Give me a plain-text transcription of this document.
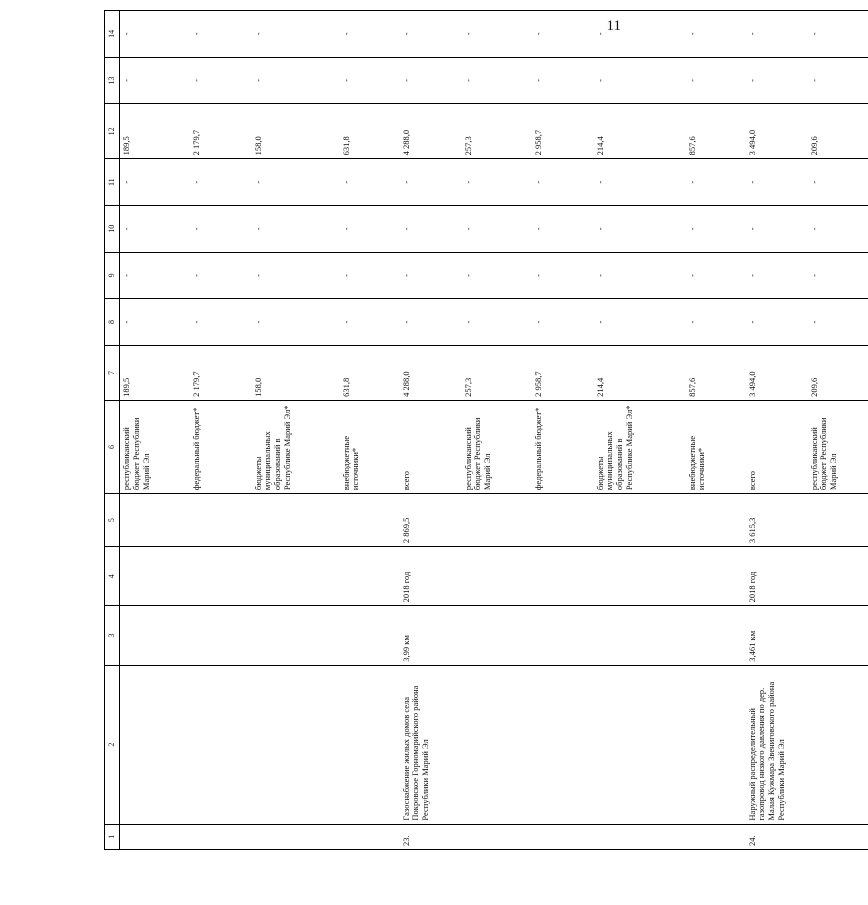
11
1	2	3	4	5	6	7	8	9	10	11	12	13	14
					республиканский бюджет Республики Марий Эл	189,5	-	-	-	-	189,5	-	-
					федеральный бюджет*	2 179,7	-	-	-	-	2 179,7	-	-
					бюджеты муниципальных образований в Республике Марий Эл*	158,0	-	-	-	-	158,0	-	-
					внебюджетные источники*	631,8	-	-	-	-	631,8	-	-
23.	Газоснабжение жилых домов села Покровское Горномарийского района Республики Марий Эл	3,99 км	2018 год	2 869,5	всего	4 288,0	-	-	-	-	4 288,0	-	-
					республиканский бюджет Республики Марий Эл	257,3	-	-	-	-	257,3	-	-
					федеральный бюджет*	2 958,7	-	-	-	-	2 958,7	-	-
					бюджеты муниципальных образований в Республике Марий Эл*	214,4	-	-	-	-	214,4	-	-
					внебюджетные источники*	857,6	-	-	-	-	857,6	-	-
24.	Наружный распределительный газопровод низкого давления по дер. Малая Кужмара Звениговского района Республики Марий Эл	3,461 км	2018 год	3 615,3	всего	3 494,0	-	-	-	-	3 494,0	-	-
					республиканский бюджет Республики Марий Эл	209,6	-	-	-	-	209,6	-	-
